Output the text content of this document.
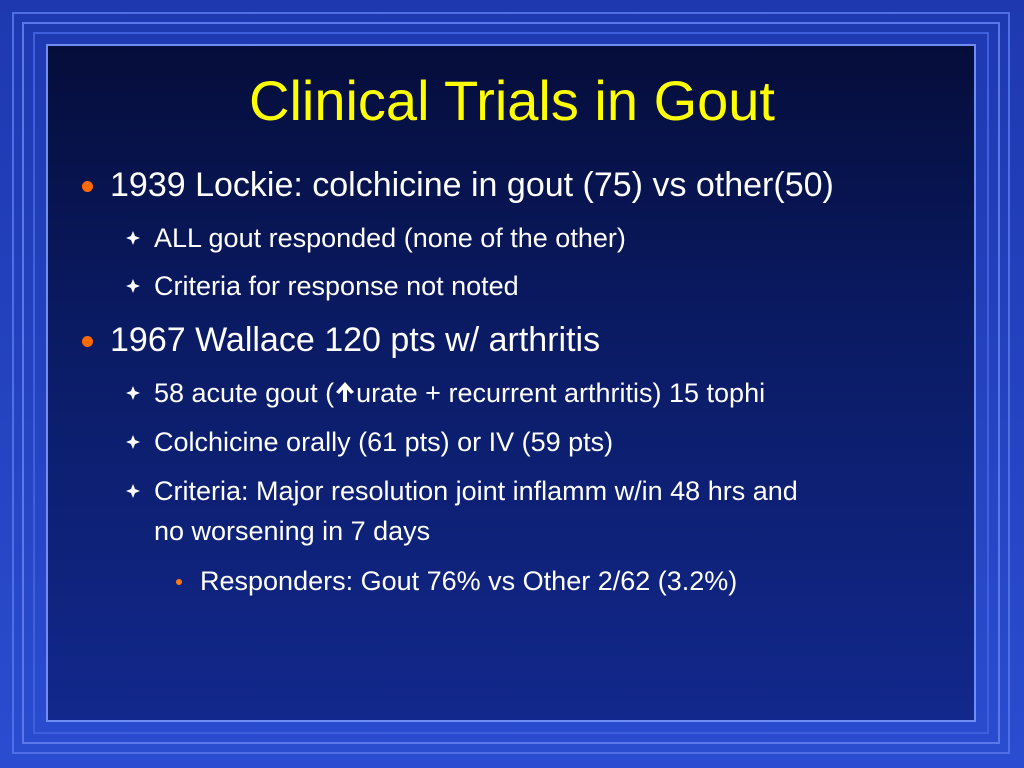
Clinical Trials in Gout
1939 Lockie: colchicine in gout (75) vs other(50)
ALL gout responded (none of the other)
Criteria for response not noted
1967 Wallace 120 pts w/ arthritis
58 acute gout ( urate + recurrent arthritis) 15 tophi
Colchicine orally (61 pts) or IV (59 pts)
Criteria: Major resolution joint inflamm w/in 48 hrs and
no worsening in 7 days
Responders: Gout 76% vs Other 2/62 (3.2%)
